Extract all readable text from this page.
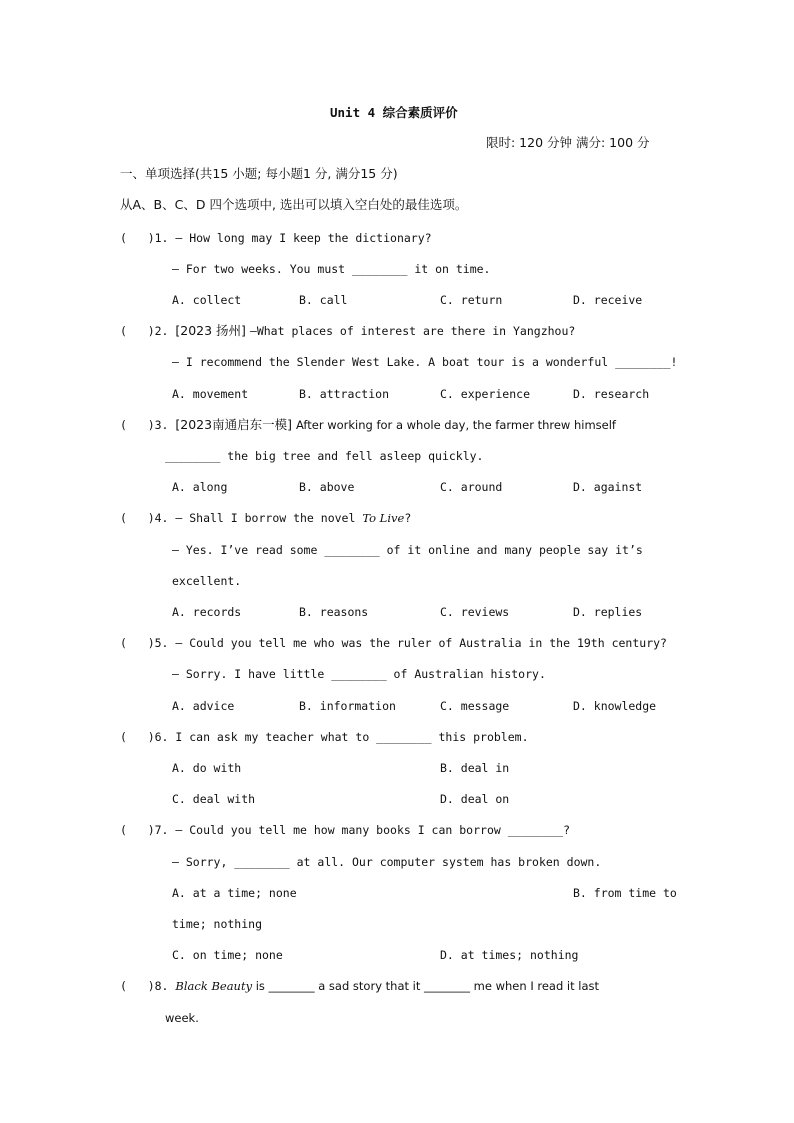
Unit 4 综合素质评价
限时: 120 分钟 满分: 100 分
一、单项选择(共15 小题; 每小题1 分, 满分15 分)
从A、B、C、D 四个选项中, 选出可以填入空白处的最佳选项。
(   )1. — How long may I keep the dictionary?
— For two weeks. You must ________ it on time.
A. collect	B. call	C. return	D. receive
(   )2. [2023 扬州] —What places of interest are there in Yangzhou?
— I recommend the Slender West Lake. A boat tour is a wonderful ________!
A. movement	B. attraction	C. experience	D. research
(   )3. [2023南通启东一模] After working for a whole day, the farmer threw himself
________ the big tree and fell asleep quickly.
A. along	B. above	C. around	D. against
(   )4. — Shall I borrow the novel To Live?
— Yes. I’ve read some ________ of it online and many people say it’s
excellent.
A. records	B. reasons	C. reviews	D. replies
(   )5. — Could you tell me who was the ruler of Australia in the 19th century?
— Sorry. I have little ________ of Australian history.
A. advice	B. information	C. message	D. knowledge
(   )6. I can ask my teacher what to ________ this problem.
A. do with	B. deal in
C. deal with	D. deal on
(   )7. — Could you tell me how many books I can borrow ________?
— Sorry, ________ at all. Our computer system has broken down.
A. at a time; none	B. from time to
time; nothing
C. on time; none	D. at times; nothing
(   )8. Black Beauty is ________ a sad story that it ________ me when I read it last
week.
